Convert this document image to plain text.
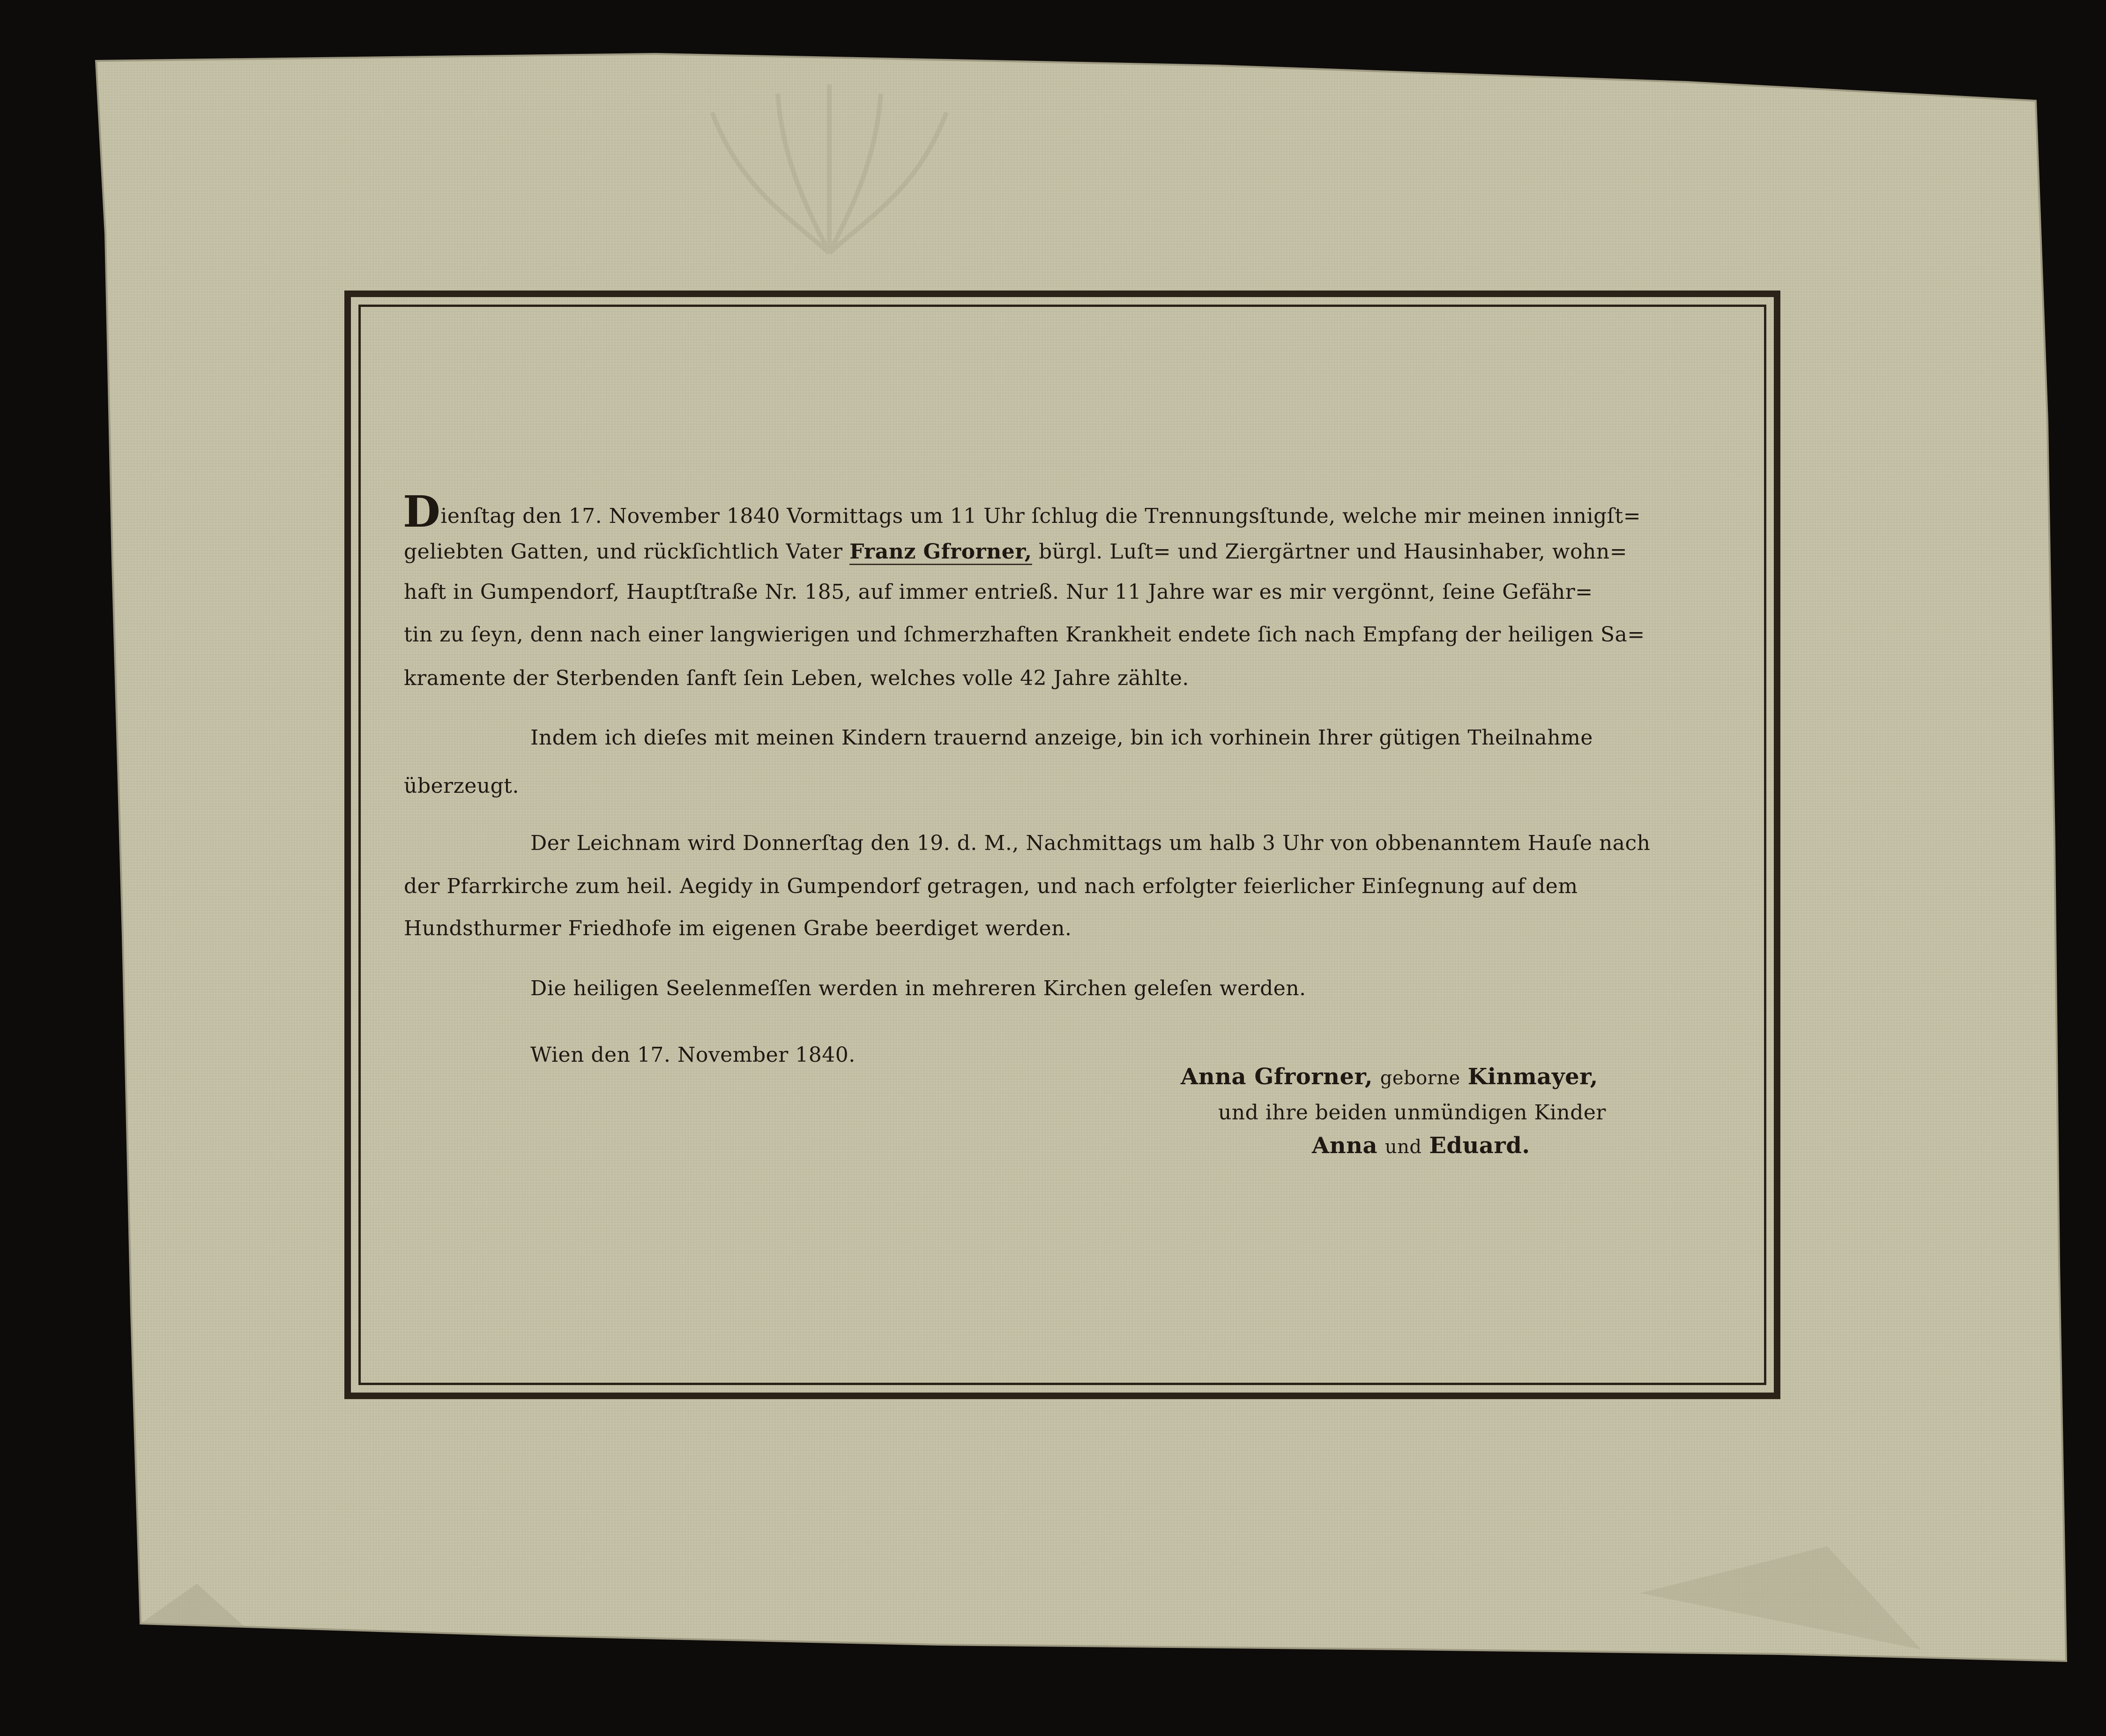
Dienſtag den 17. November 1840 Vormittags um 11 Uhr ſchlug die Trennungsſtunde, welche mir meinen innigſt=
geliebten Gatten, und rückſichtlich Vater Franz Gfrorner, bürgl. Luſt= und Ziergärtner und Hausinhaber, wohn=
haft in Gumpendorf, Hauptſtraße Nr. 185, auf immer entrieß. Nur 11 Jahre war es mir vergönnt, ſeine Gefähr=
tin zu ſeyn, denn nach einer langwierigen und ſchmerzhaften Krankheit endete ſich nach Empfang der heiligen Sa=
kramente der Sterbenden ſanft ſein Leben, welches volle 42 Jahre zählte.
Indem ich dieſes mit meinen Kindern trauernd anzeige, bin ich vorhinein Ihrer gütigen Theilnahme
überzeugt.
Der Leichnam wird Donnerſtag den 19. d. M., Nachmittags um halb 3 Uhr von obbenanntem Hauſe nach
der Pfarrkirche zum heil. Aegidy in Gumpendorf getragen, und nach erfolgter feierlicher Einſegnung auf dem
Hundsthurmer Friedhofe im eigenen Grabe beerdiget werden.
Die heiligen Seelenmeſſen werden in mehreren Kirchen geleſen werden.
Wien den 17. November 1840.
Anna Gfrorner, geborne Kinmayer,
und ihre beiden unmündigen Kinder
Anna und Eduard.
